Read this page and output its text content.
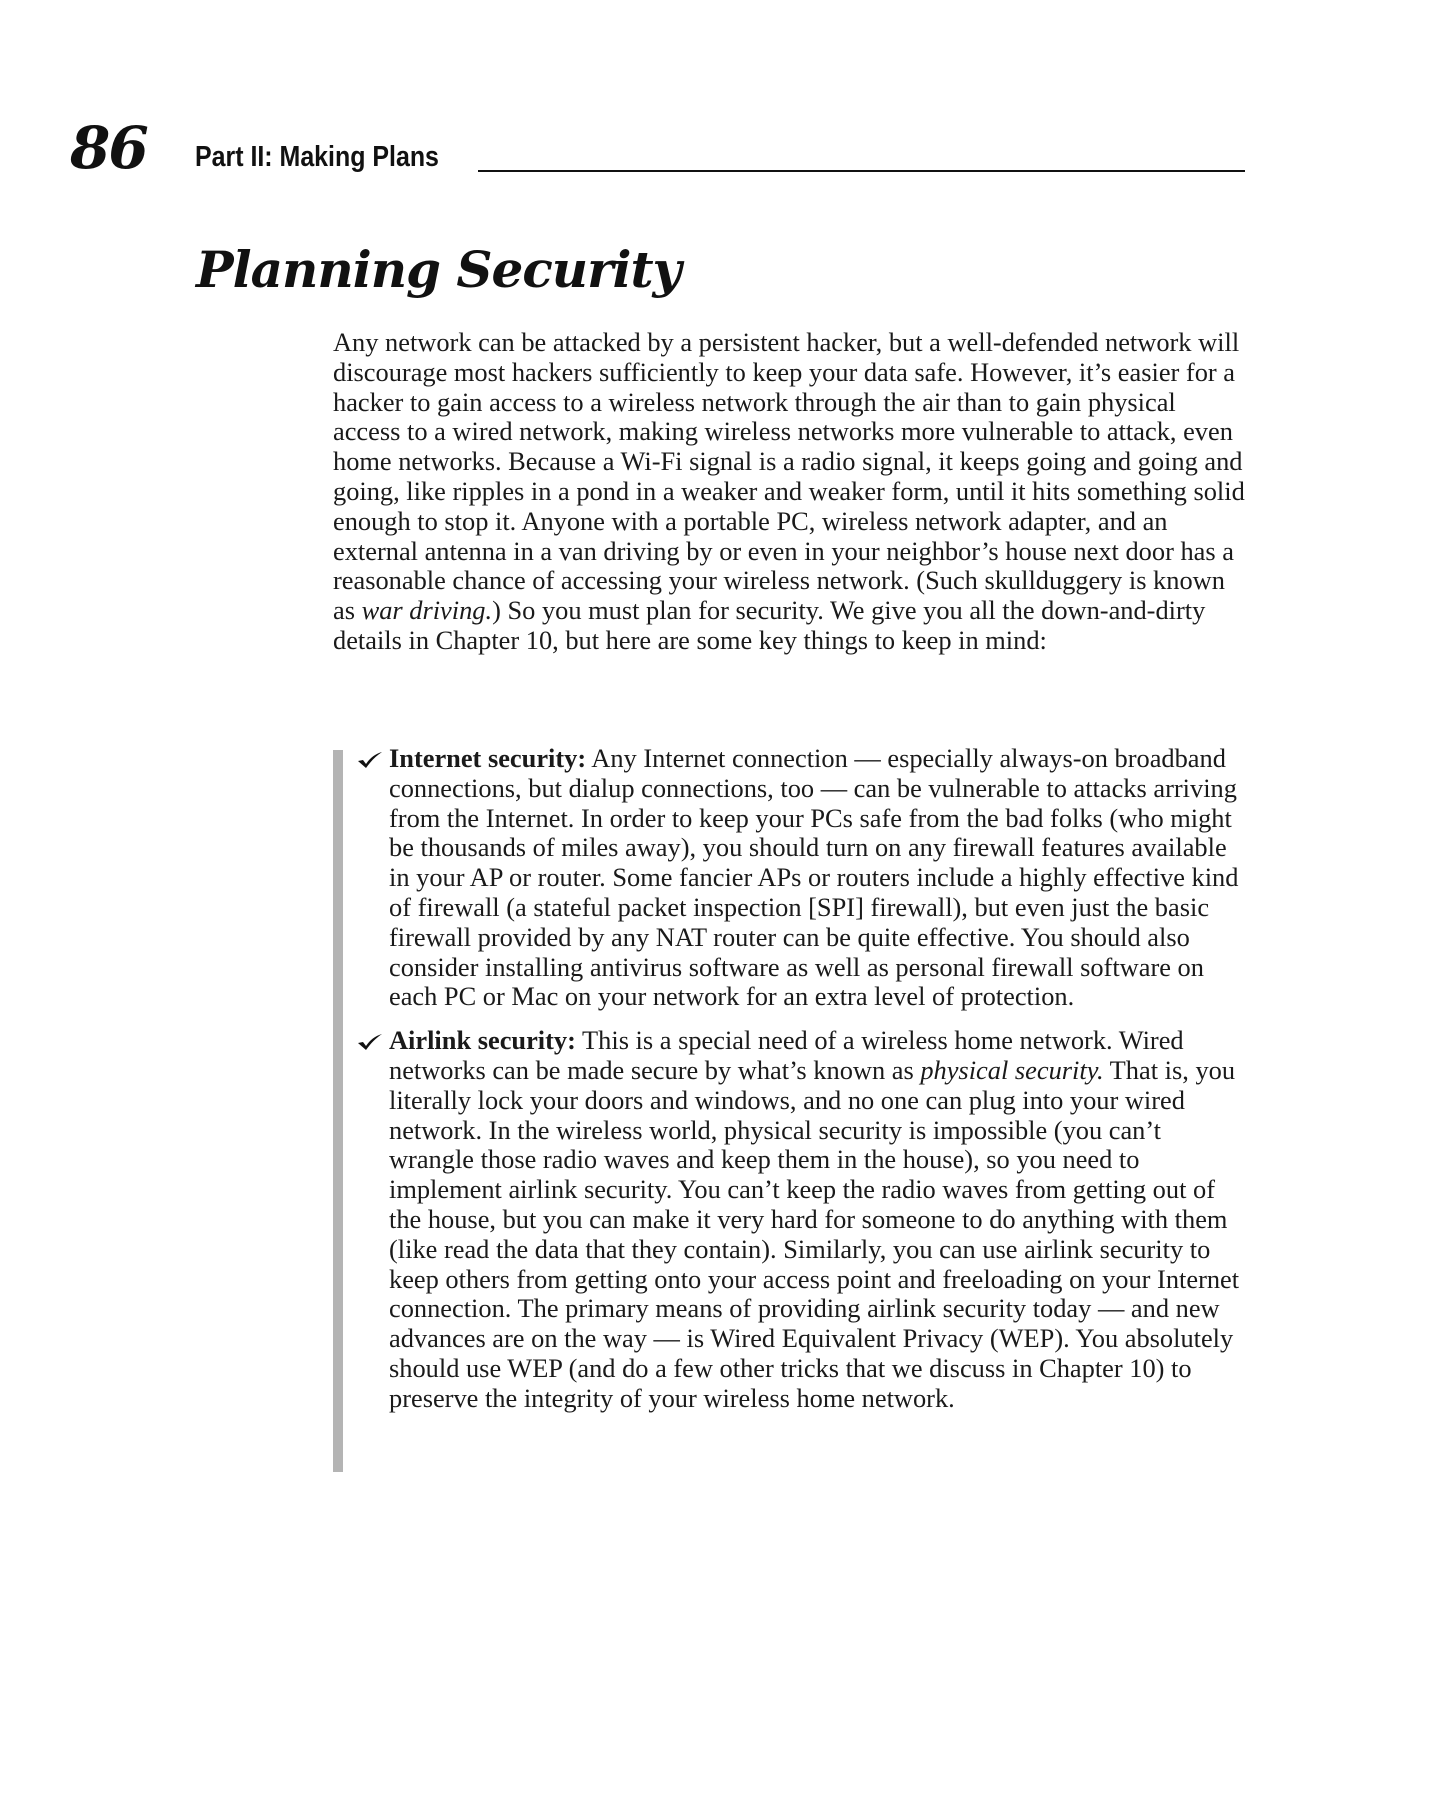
86 Part II: Making Plans
Planning Security

Any network can be attacked by a persistent hacker, but a well-defended network will discourage most hackers sufficiently to keep your data safe. However, it’s easier for a hacker to gain access to a wireless network through the air than to gain physical access to a wired network, making wireless networks more vulnerable to attack, even home networks. Because a Wi-Fi signal is a radio signal, it keeps going and going and going, like ripples in a pond in a weaker and weaker form, until it hits something solid enough to stop it. Anyone with a portable PC, wireless network adapter, and an external antenna in a van driving by or even in your neighbor’s house next door has a reasonable chance of accessing your wireless network. (Such skullduggery is known as war driving.) So you must plan for security. We give you all the down-and-dirty details in Chapter 10, but here are some key things to keep in mind:

Internet security: Any Internet connection — especially always-on broadband connections, but dialup connections, too — can be vulnerable to attacks arriving from the Internet. In order to keep your PCs safe from the bad folks (who might be thousands of miles away), you should turn on any firewall features available in your AP or router. Some fancier APs or routers include a highly effective kind of firewall (a stateful packet inspection [SPI] firewall), but even just the basic firewall provided by any NAT router can be quite effective. You should also consider installing antivirus software as well as personal firewall software on each PC or Mac on your network for an extra level of protection.
Airlink security: This is a special need of a wireless home network. Wired networks can be made secure by what’s known as physical security. That is, you literally lock your doors and windows, and no one can plug into your wired network. In the wireless world, physical security is impossible (you can’t wrangle those radio waves and keep them in the house), so you need to implement airlink security. You can’t keep the radio waves from getting out of the house, but you can make it very hard for someone to do anything with them (like read the data that they contain). Similarly, you can use airlink security to keep others from getting onto your access point and freeloading on your Internet connection. The primary means of providing airlink security today — and new advances are on the way — is Wired Equivalent Privacy (WEP). You absolutely should use WEP (and do a few other tricks that we discuss in Chapter 10) to preserve the integrity of your wireless home network.
